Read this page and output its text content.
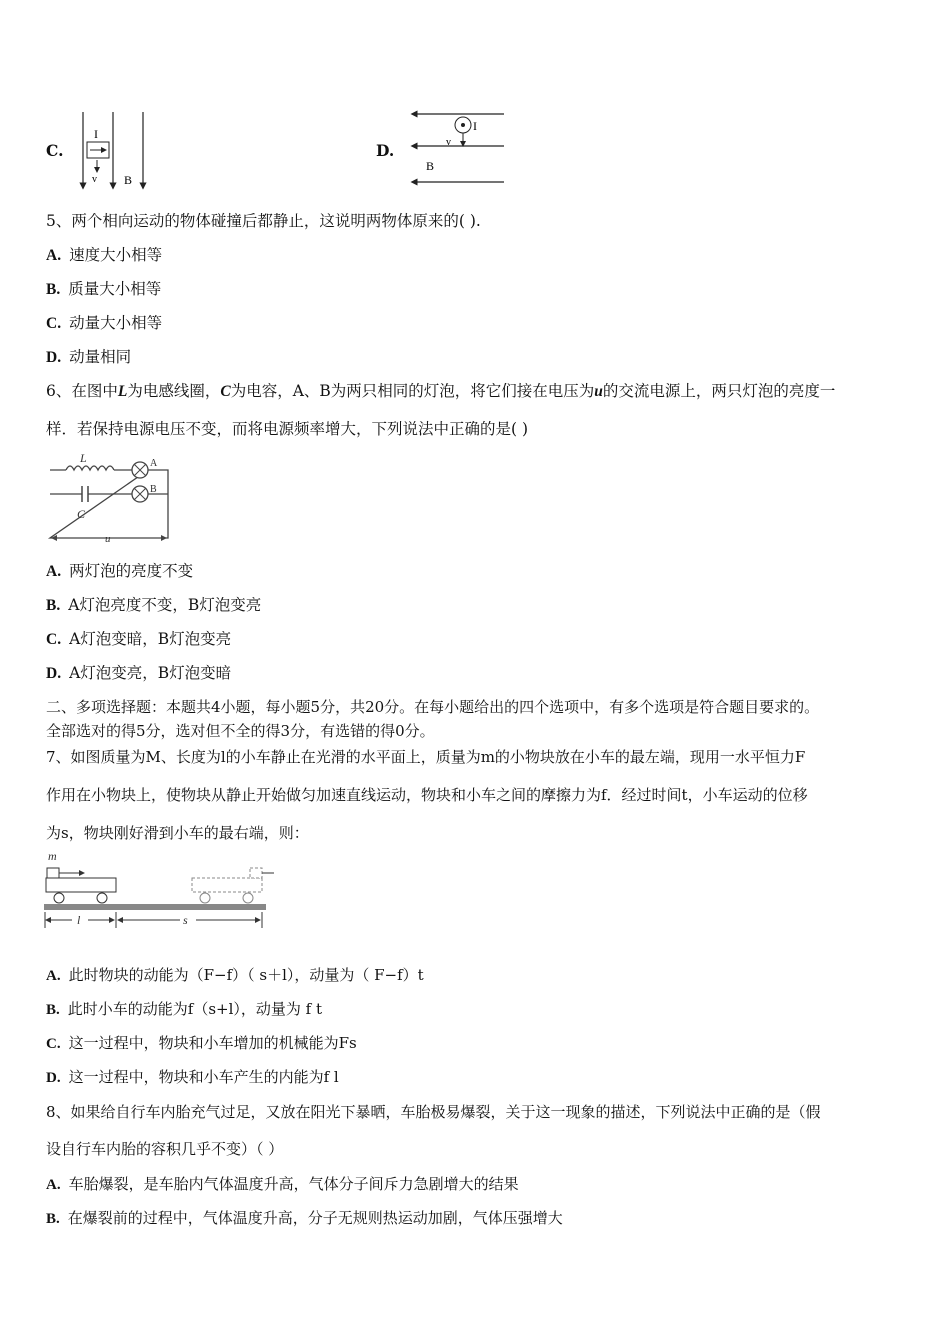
C.
I
v B
D.
I
v
B
5、两个相向运动的物体碰撞后都静止，这说明两物体原来的( ).
A. 速度大小相等
B. 质量大小相等
C. 动量大小相等
D. 动量相同
6、在图中L为电感线圈，C为电容，A、B为两只相同的灯泡，将它们接在电压为u的交流电源上，两只灯泡的亮度一
样．若保持电源电压不变，而将电源频率增大，下列说法中正确的是( )
L	A
B
C
u
A. 两灯泡的亮度不变
B. A灯泡亮度不变，B灯泡变亮
C. A灯泡变暗，B灯泡变亮
D. A灯泡变亮，B灯泡变暗
二、多项选择题：本题共4小题，每小题5分，共20分。在每小题给出的四个选项中，有多个选项是符合题目要求的。
全部选对的得5分，选对但不全的得3分，有选错的得0分。
7、如图质量为M、长度为l的小车静止在光滑的水平面上，质量为m的小物块放在小车的最左端，现用一水平恒力F
作用在小物块上，使物块从静止开始做匀加速直线运动，物块和小车之间的摩擦力为f．经过时间t，小车运动的位移
为s，物块刚好滑到小车的最右端，则：
m
l	s
A. 此时物块的动能为（F−f）（ s＋l），动量为（ F−f）t
B. 此时小车的动能为f（s+l），动量为 f t
C. 这一过程中，物块和小车增加的机械能为Fs
D. 这一过程中，物块和小车产生的内能为f l
8、如果给自行车内胎充气过足，又放在阳光下暴晒，车胎极易爆裂，关于这一现象的描述，下列说法中正确的是（假
设自行车内胎的容积几乎不变）（ ）
A. 车胎爆裂，是车胎内气体温度升高，气体分子间斥力急剧增大的结果
B. 在爆裂前的过程中，气体温度升高，分子无规则热运动加剧，气体压强增大
